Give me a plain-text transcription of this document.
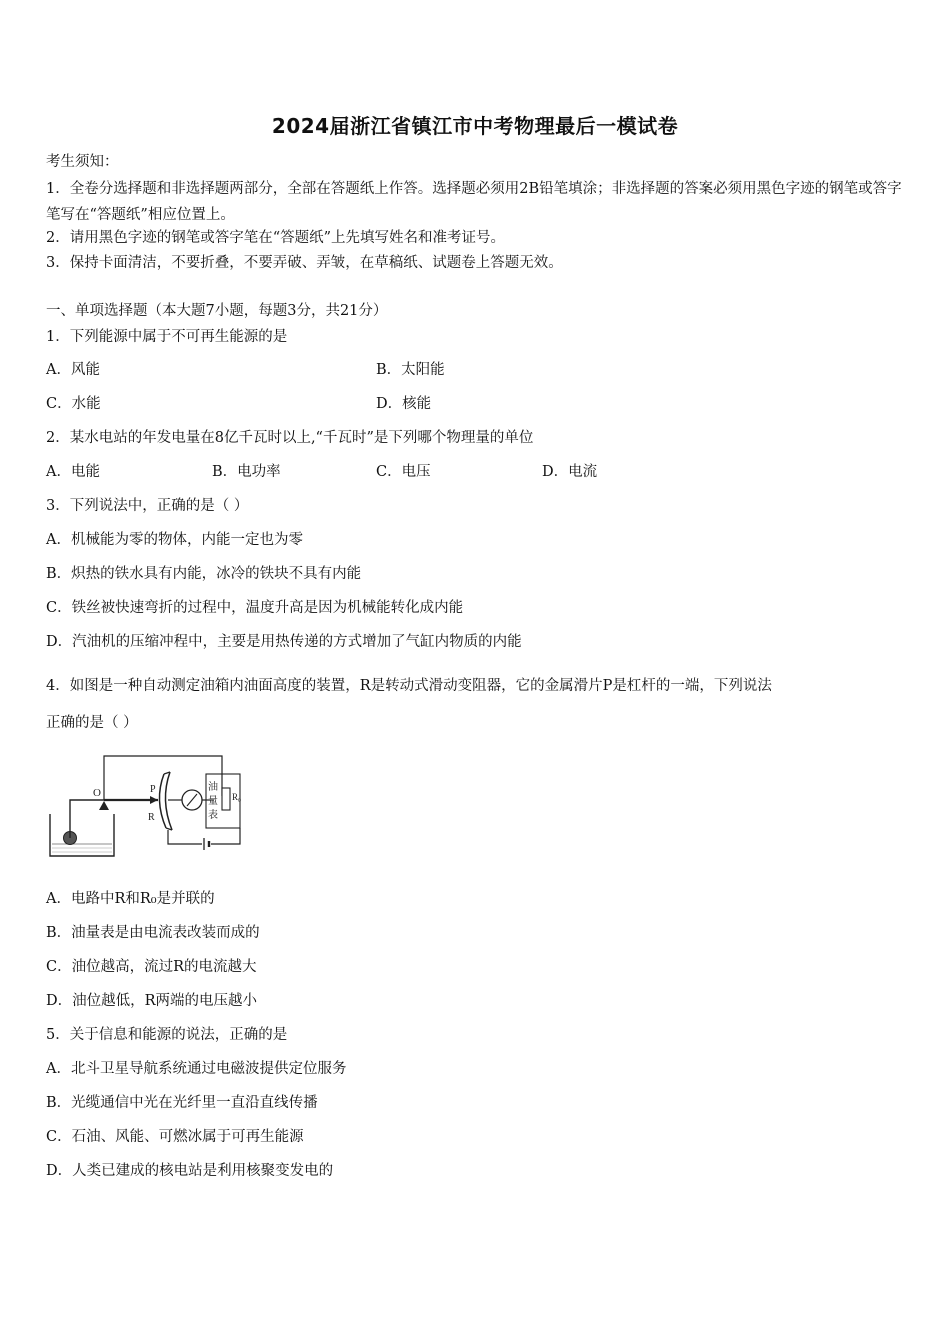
2024届浙江省镇江市中考物理最后一模试卷
考生须知：
1．全卷分选择题和非选择题两部分，全部在答题纸上作答。选择题必须用2B铅笔填涂；非选择题的答案必须用黑色字迹的钢笔或答字笔写在“答题纸”相应位置上。
2．请用黑色字迹的钢笔或答字笔在“答题纸”上先填写姓名和准考证号。
3．保持卡面清洁，不要折叠，不要弄破、弄皱，在草稿纸、试题卷上答题无效。
一、单项选择题（本大题7小题，每题3分，共21分）
1．下列能源中属于不可再生能源的是
A．风能	B．太阳能
C．水能	D．核能
2．某水电站的年发电量在8亿千瓦时以上,“千瓦时”是下列哪个物理量的单位
A．电能	B．电功率	C．电压	D．电流
3．下列说法中，正确的是（ ）
A．机械能为零的物体，内能一定也为零
B．炽热的铁水具有内能，冰冷的铁块不具有内能
C．铁丝被快速弯折的过程中，温度升高是因为机械能转化成内能
D．汽油机的压缩冲程中，主要是用热传递的方式增加了气缸内物质的内能
4．如图是一种自动测定油箱内油面高度的装置，R是转动式滑动变阻器，它的金属滑片P是杠杆的一端，下列说法
正确的是（ ）
O	P
R
油
量
表
R₀
A．电路中R和R₀是并联的
B．油量表是由电流表改装而成的
C．油位越高，流过R的电流越大
D．油位越低，R两端的电压越小
5．关于信息和能源的说法，正确的是
A．北斗卫星导航系统通过电磁波提供定位服务
B．光缆通信中光在光纤里一直沿直线传播
C．石油、风能、可燃冰属于可再生能源
D．人类已建成的核电站是利用核聚变发电的
